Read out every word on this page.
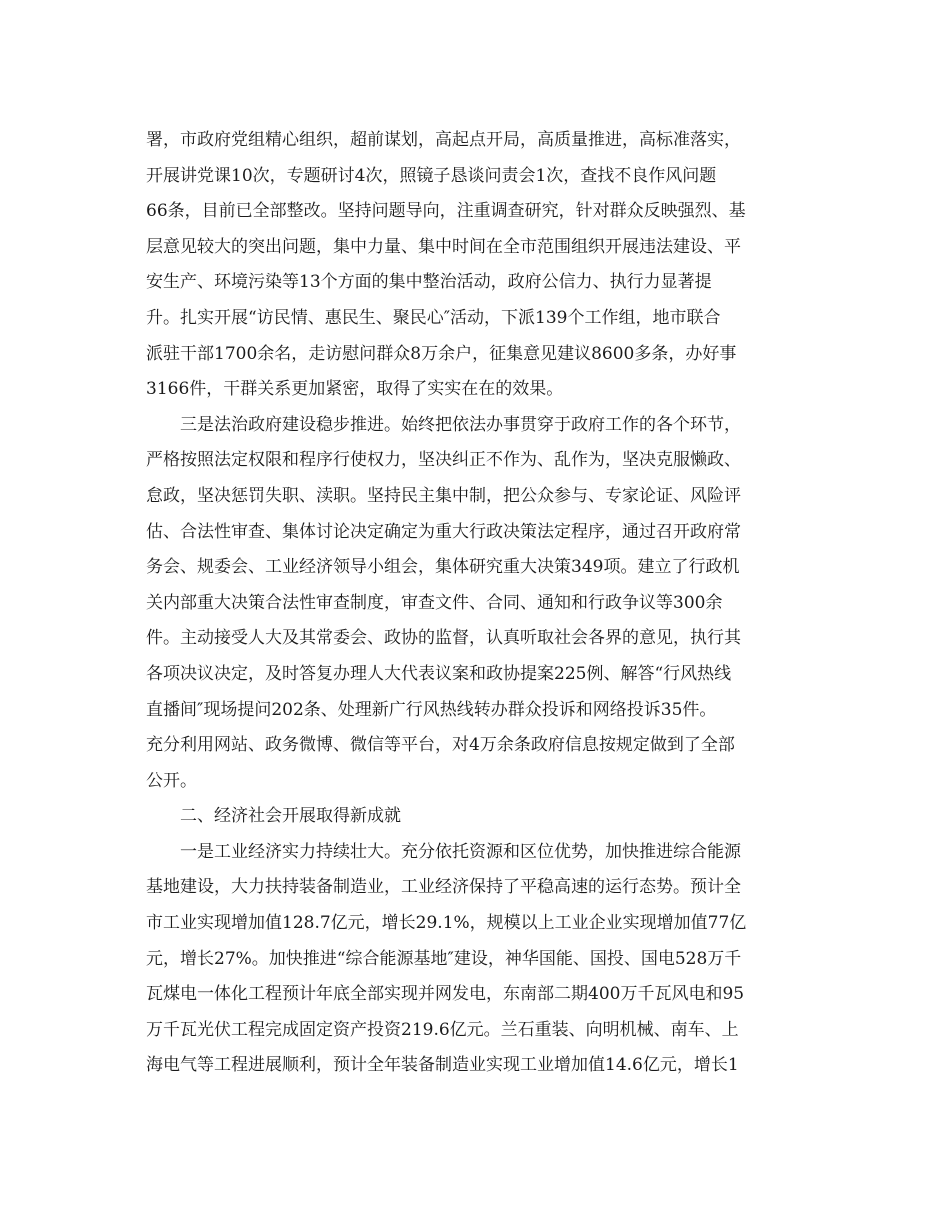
署，市政府党组精心组织，超前谋划，高起点开局，高质量推进，高标准落实，
开展讲党课10次，专题研讨4次，照镜子恳谈问责会1次，查找不良作风问题
66条，目前已全部整改。坚持问题导向，注重调查研究，针对群众反映强烈、基
层意见较大的突出问题，集中力量、集中时间在全市范围组织开展违法建设、平
安生产、环境污染等13个方面的集中整治活动，政府公信力、执行力显著提
升。扎实开展“访民情、惠民生、聚民心″活动，下派139个工作组，地市联合
派驻干部1700余名，走访慰问群众8万余户，征集意见建议8600多条，办好事
3166件，干群关系更加紧密，取得了实实在在的效果。
三是法治政府建设稳步推进。始终把依法办事贯穿于政府工作的各个环节，
严格按照法定权限和程序行使权力，坚决纠正不作为、乱作为，坚决克服懒政、
怠政，坚决惩罚失职、渎职。坚持民主集中制，把公众参与、专家论证、风险评
估、合法性审查、集体讨论决定确定为重大行政决策法定程序，通过召开政府常
务会、规委会、工业经济领导小组会，集体研究重大决策349项。建立了行政机
关内部重大决策合法性审查制度，审查文件、合同、通知和行政争议等300余
件。主动接受人大及其常委会、政协的监督，认真听取社会各界的意见，执行其
各项决议决定，及时答复办理人大代表议案和政协提案225例、解答“行风热线
直播间″现场提问202条、处理新广行风热线转办群众投诉和网络投诉35件。
充分利用网站、政务微博、微信等平台，对4万余条政府信息按规定做到了全部
公开。
二、经济社会开展取得新成就
一是工业经济实力持续壮大。充分依托资源和区位优势，加快推进综合能源
基地建设，大力扶持装备制造业，工业经济保持了平稳高速的运行态势。预计全
市工业实现增加值128.7亿元，增长29.1%，规模以上工业企业实现增加值77亿
元，增长27%。加快推进“综合能源基地″建设，神华国能、国投、国电528万千
瓦煤电一体化工程预计年底全部实现并网发电，东南部二期400万千瓦风电和95
万千瓦光伏工程完成固定资产投资219.6亿元。兰石重装、向明机械、南车、上
海电气等工程进展顺利，预计全年装备制造业实现工业增加值14.6亿元，增长1
